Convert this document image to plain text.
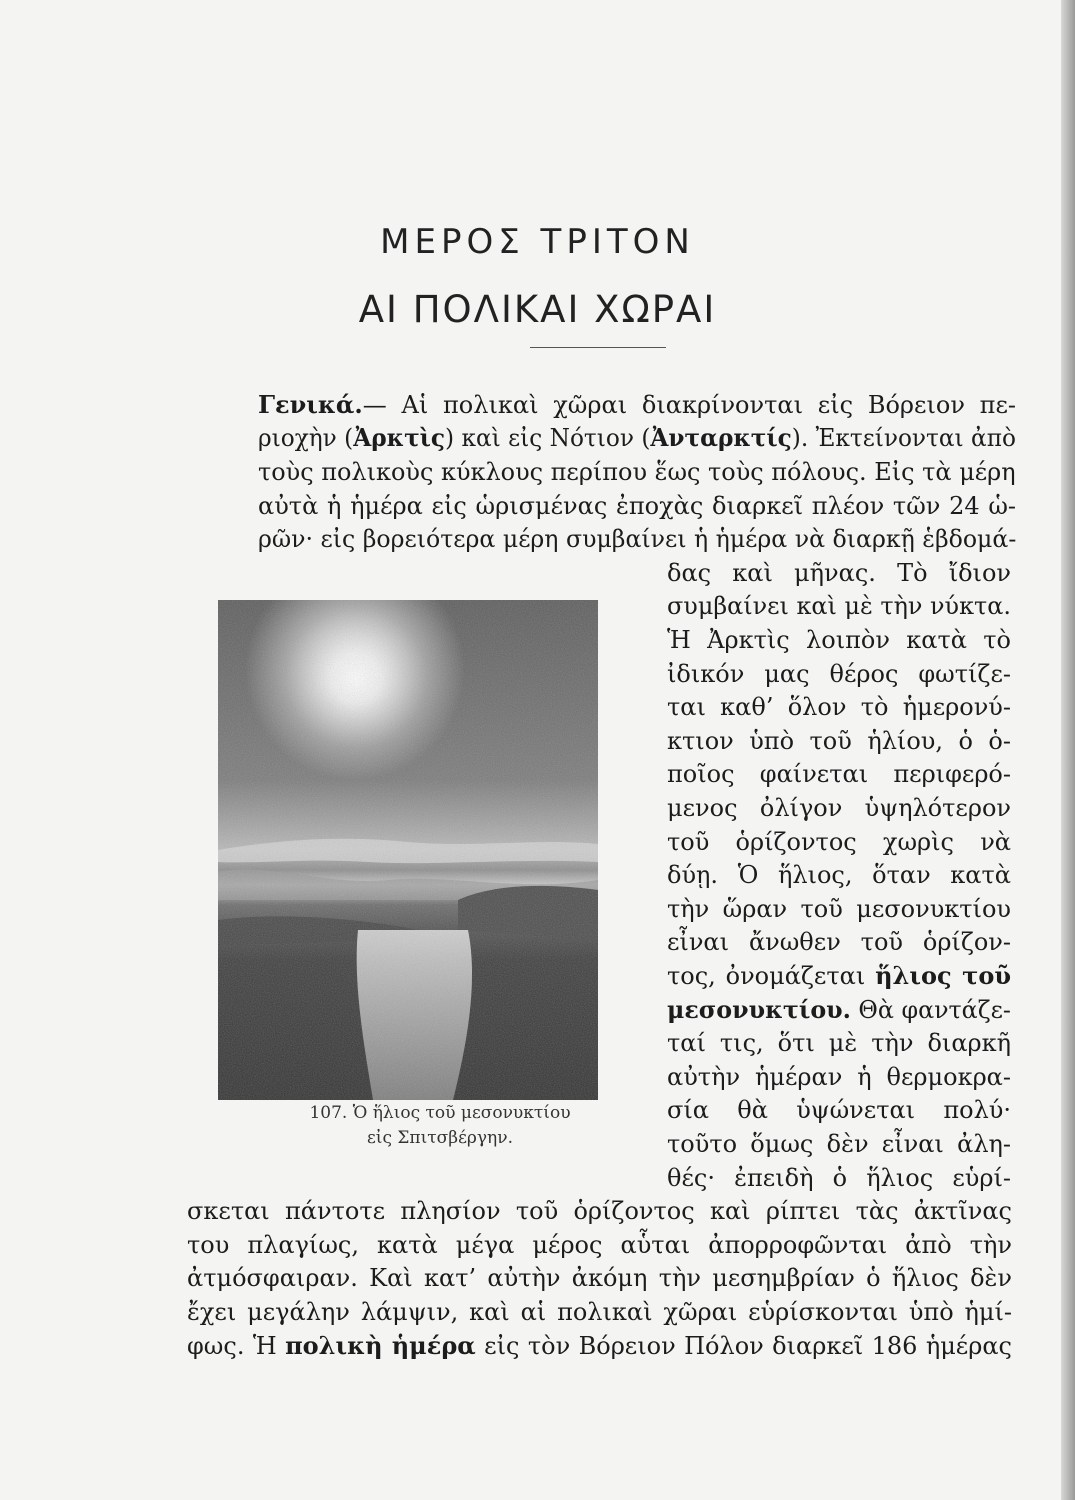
ΜΕΡΟΣ ΤΡΙΤΟΝ
ΑΙ ΠΟΛΙΚΑΙ ΧΩΡΑΙ

Γενικά.— Αἱ πολικαὶ χῶραι διακρίνονται εἰς Βόρειον πε-

ριοχὴν (Ἀρκτὶς) καὶ εἰς Νότιον (Ἀνταρκτίς). Ἐκτείνονται ἀπὸ

τοὺς πολικοὺς κύκλους περίπου ἕως τοὺς πόλους. Εἰς τὰ μέρη

αὐτὰ ἡ ἡμέρα εἰς ὡρισμένας ἐποχὰς διαρκεῖ πλέον τῶν 24 ὡ-

ρῶν· εἰς βορειότερα μέρη συμβαίνει ἡ ἡμέρα νὰ διαρκῇ ἑβδομά-

107. Ὁ ἥλιος τοῦ μεσονυκτίου
εἰς Σπιτσβέργην.

δας καὶ μῆνας. Τὸ ἴδιον

συμβαίνει καὶ μὲ τὴν νύκτα.

Ἡ Ἀρκτὶς λοιπὸν κατὰ τὸ

ἰδικόν μας θέρος φωτίζε-

ται καθ’ ὅλον τὸ ἡμερονύ-

κτιον ὑπὸ τοῦ ἡλίου, ὁ ὁ-

ποῖος φαίνεται περιφερό-

μενος ὀλίγον ὑψηλότερον

τοῦ ὁρίζοντος χωρὶς νὰ

δύῃ. Ὁ ἥλιος, ὅταν κατὰ

τὴν ὥραν τοῦ μεσονυκτίου

εἶναι ἄνωθεν τοῦ ὁρίζον-

τος, ὀνομάζεται ἥλιος τοῦ

μεσονυκτίου. Θὰ φαντάζε-

ταί τις, ὅτι μὲ τὴν διαρκῆ

αὐτὴν ἡμέραν ἡ θερμοκρα-

σία θὰ ὑψώνεται πολύ·

τοῦτο ὅμως δὲν εἶναι ἀλη-

θές· ἐπειδὴ ὁ ἥλιος εὑρί-

σκεται πάντοτε πλησίον τοῦ ὁρίζοντος καὶ ρίπτει τὰς ἀκτῖνας

του πλαγίως, κατὰ μέγα μέρος αὗται ἀπορροφῶνται ἀπὸ τὴν

ἀτμόσφαιραν. Καὶ κατ’ αὐτὴν ἀκόμη τὴν μεσημβρίαν ὁ ἥλιος δὲν

ἔχει μεγάλην λάμψιν, καὶ αἱ πολικαὶ χῶραι εὑρίσκονται ὑπὸ ἡμί-

φως. Ἡ πολικὴ ἡμέρα εἰς τὸν Βόρειον Πόλον διαρκεῖ 186 ἡμέρας
